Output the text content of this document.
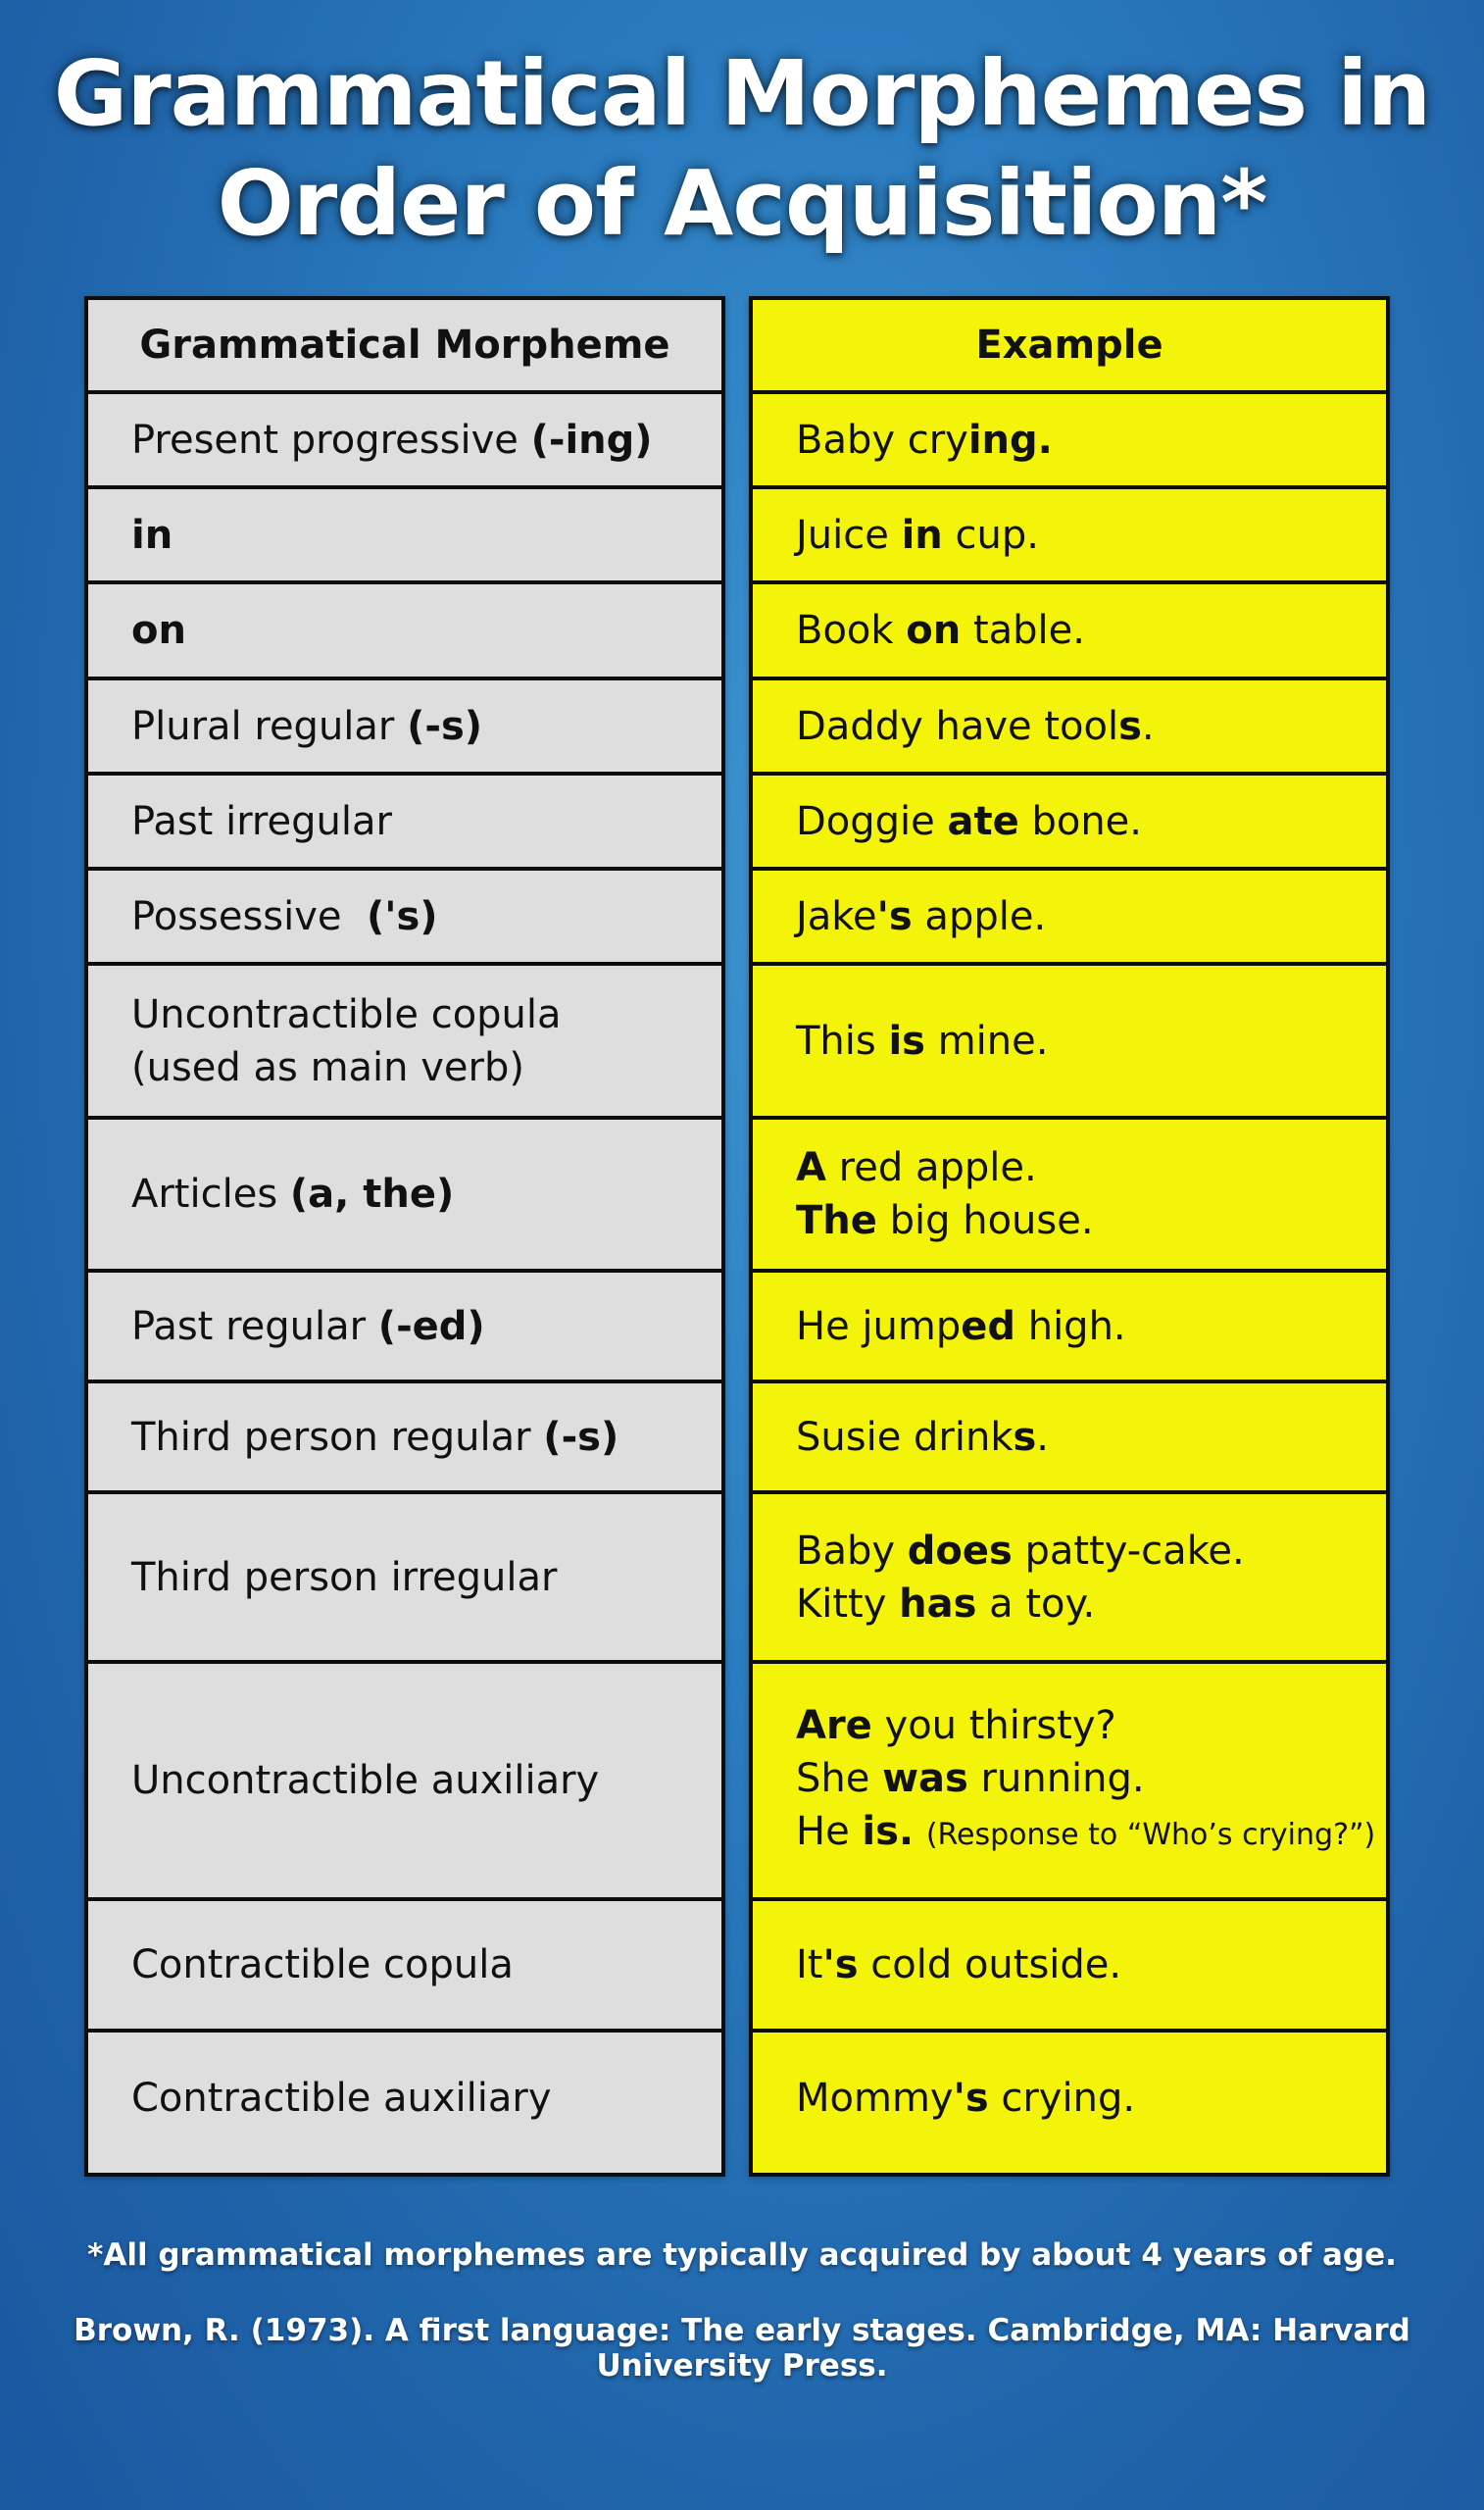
Grammatical Morphemes in
Order of Acquisition*
Grammatical Morpheme
Present progressive (-ing)
in
on
Plural regular (-s)
Past irregular
Possessive  ('s)
Uncontractible copula
(used as main verb)
Articles (a, the)
Past regular (-ed)
Third person regular (-s)
Third person irregular
Uncontractible auxiliary
Contractible copula
Contractible auxiliary
Example
Baby crying.
Juice in cup.
Book on table.
Daddy have tools.
Doggie ate bone.
Jake's apple.
This is mine.
A red apple.
The big house.
He jumped high.
Susie drinks.
Baby does patty-cake.
Kitty has a toy.
Are you thirsty?
She was running.
He is. (Response to “Who’s crying?”)
It's cold outside.
Mommy's crying.
*All grammatical morphemes are typically acquired by about 4 years of age.
Brown, R. (1973). A first language: The early stages. Cambridge, MA: Harvard University Press.
